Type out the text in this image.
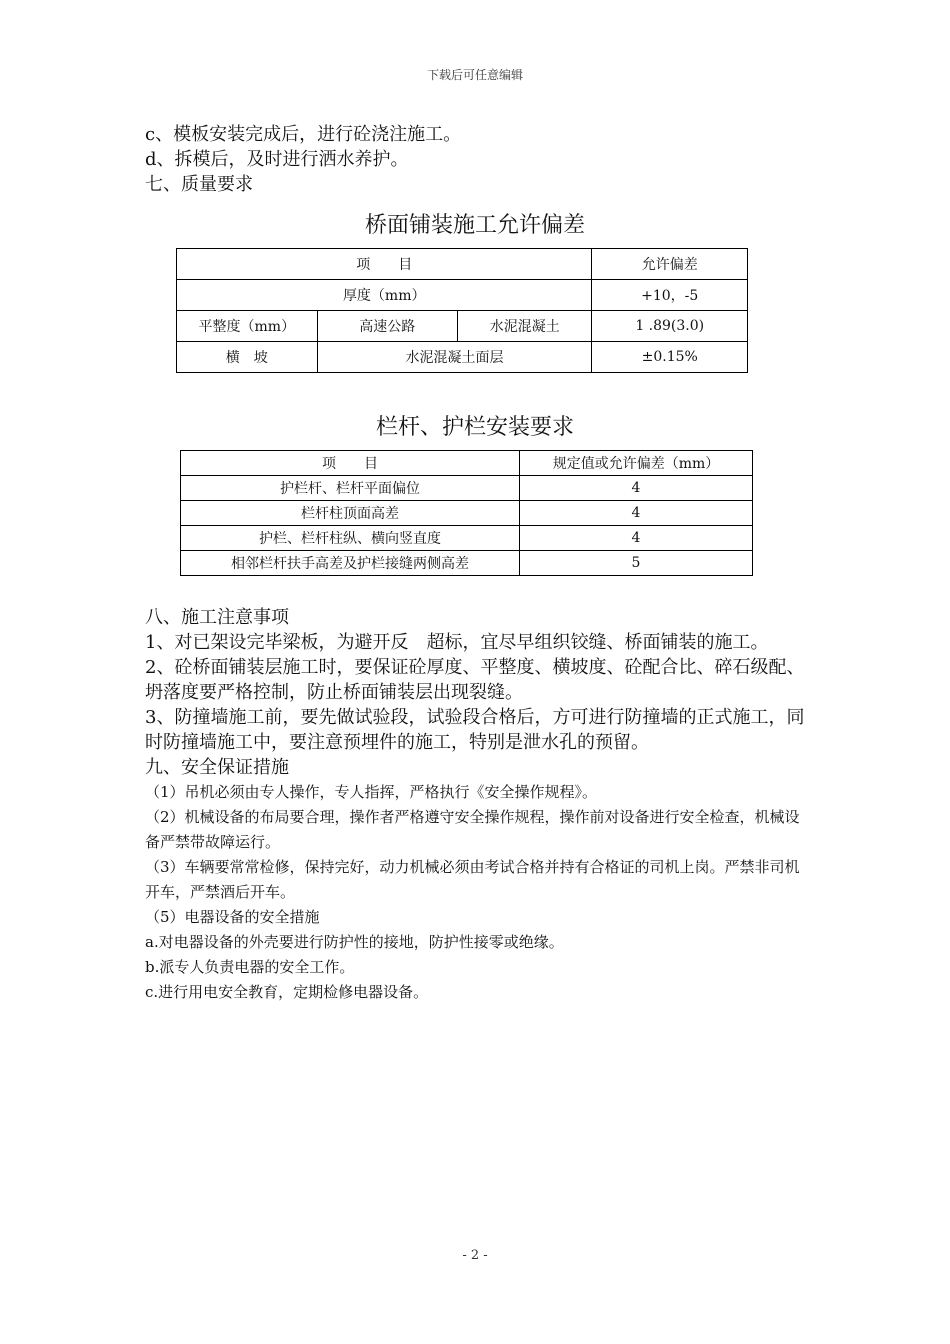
下载后可任意编辑
c、模板安装完成后，进行砼浇注施工。
d、拆模后，及时进行洒水养护。
七、质量要求
桥面铺装施工允许偏差
项　　目			允许偏差
厚度（mm）			+10，-5
平整度（mm）	高速公路	水泥混凝土	1 .89(3.0)
横　坡	水泥混凝土面层		±0.15%
栏杆、护栏安装要求
项　　目	规定值或允许偏差（mm）
护栏杆、栏杆平面偏位	4
栏杆柱顶面高差	4
护栏、栏杆柱纵、横向竖直度	4
相邻栏杆扶手高差及护栏接缝两侧高差	5
八、施工注意事项
1、对已架设完毕梁板，为避开反　超标，宜尽早组织铰缝、桥面铺装的施工。
2、砼桥面铺装层施工时，要保证砼厚度、平整度、横坡度、砼配合比、碎石级配、坍落度要严格控制，防止桥面铺装层出现裂缝。
3、防撞墙施工前，要先做试验段，试验段合格后，方可进行防撞墙的正式施工，同时防撞墙施工中，要注意预埋件的施工，特别是泄水孔的预留。
九、安全保证措施
（1）吊机必须由专人操作，专人指挥，严格执行《安全操作规程》。
（2）机械设备的布局要合理，操作者严格遵守安全操作规程，操作前对设备进行安全检查，机械设备严禁带故障运行。
（3）车辆要常常检修，保持完好，动力机械必须由考试合格并持有合格证的司机上岗。严禁非司机开车，严禁酒后开车。
（5）电器设备的安全措施
a.对电器设备的外壳要进行防护性的接地，防护性接零或绝缘。
b.派专人负责电器的安全工作。
c.进行用电安全教育，定期检修电器设备。
- 2 -
